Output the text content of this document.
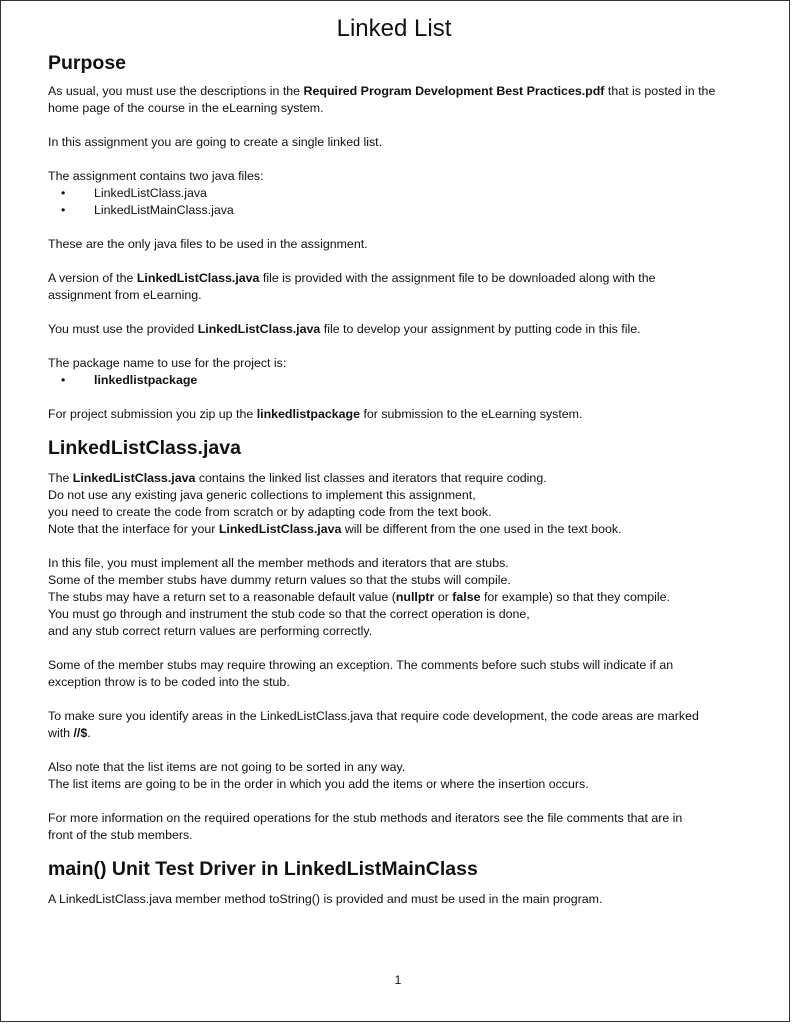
Linked List
Purpose

As usual, you must use the descriptions in the Required Program Development Best Practices.pdf that is posted in the
home page of the course in the eLearning system.

In this assignment you are going to create a single linked list.

The assignment contains two java files:

• LinkedListClass.java
• LinkedListMainClass.java

These are the only java files to be used in the assignment.

A version of the LinkedListClass.java file is provided with the assignment file to be downloaded along with the
assignment from eLearning.

You must use the provided LinkedListClass.java file to develop your assignment by putting code in this file.

The package name to use for the project is:

• linkedlistpackage

For project submission you zip up the linkedlistpackage for submission to the eLearning system.

LinkedListClass.java

The LinkedListClass.java contains the linked list classes and iterators that require coding.
Do not use any existing java generic collections to implement this assignment,
you need to create the code from scratch or by adapting code from the text book.
Note that the interface for your LinkedListClass.java will be different from the one used in the text book.

In this file, you must implement all the member methods and iterators that are stubs.
Some of the member stubs have dummy return values so that the stubs will compile.
The stubs may have a return set to a reasonable default value (nullptr or false for example) so that they compile.
You must go through and instrument the stub code so that the correct operation is done,
and any stub correct return values are performing correctly.

Some of the member stubs may require throwing an exception. The comments before such stubs will indicate if an
exception throw is to be coded into the stub.

To make sure you identify areas in the LinkedListClass.java that require code development, the code areas are marked
with //$.

Also note that the list items are not going to be sorted in any way.
The list items are going to be in the order in which you add the items or where the insertion occurs.

For more information on the required operations for the stub methods and iterators see the file comments that are in
front of the stub members.

main() Unit Test Driver in LinkedListMainClass

A LinkedListClass.java member method toString() is provided and must be used in the main program.

1
